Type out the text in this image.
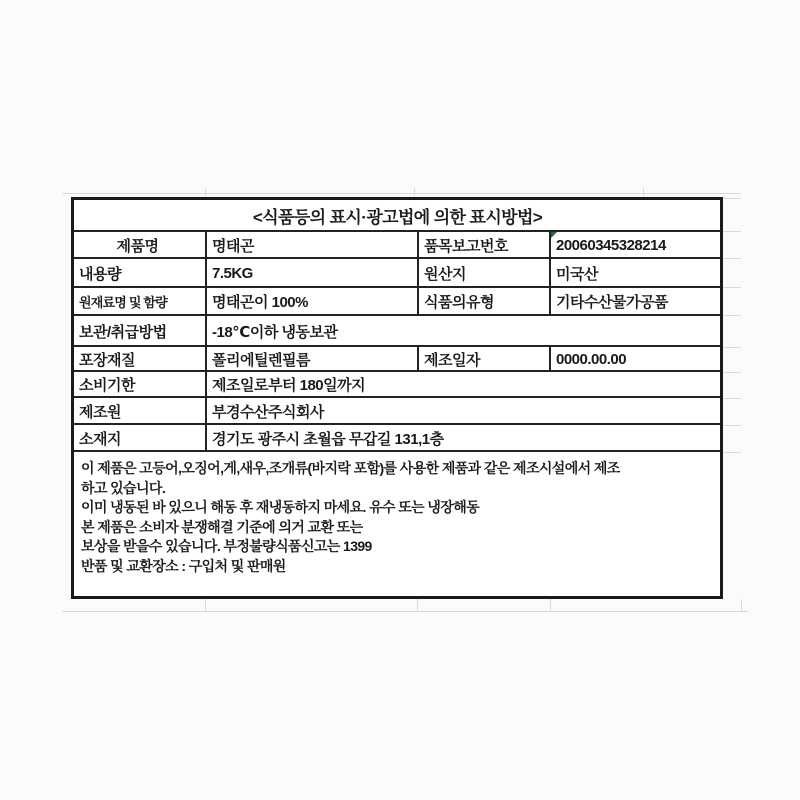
<식품등의 표시·광고법에 의한 표시방법>
제품명	명태곤	품목보고번호	20060345328214
내용량	7.5KG	원산지	미국산
원재료명 및 함량	명태곤이 100%	식품의유형	기타수산물가공품
보관/취급방법	-18℃이하 냉동보관
포장재질	폴리에틸렌필름	제조일자	0000.00.00
소비기한	제조일로부터 180일까지
제조원	부경수산주식회사
소재지	경기도 광주시 초월읍 무갑길 131,1층

이 제품은 고등어,오징어,게,새우,조개류(바지락 포함)를 사용한 제품과 같은 제조시설에서 제조

하고 있습니다.

이미 냉동된 바 있으니 해동 후 재냉동하지 마세요. 유수 또는 냉장해동

본 제품은 소비자 분쟁해결 기준에 의거 교환 또는

보상을 받을수 있습니다. 부정불량식품신고는 1399

반품 및 교환장소 : 구입처 및 판매원
